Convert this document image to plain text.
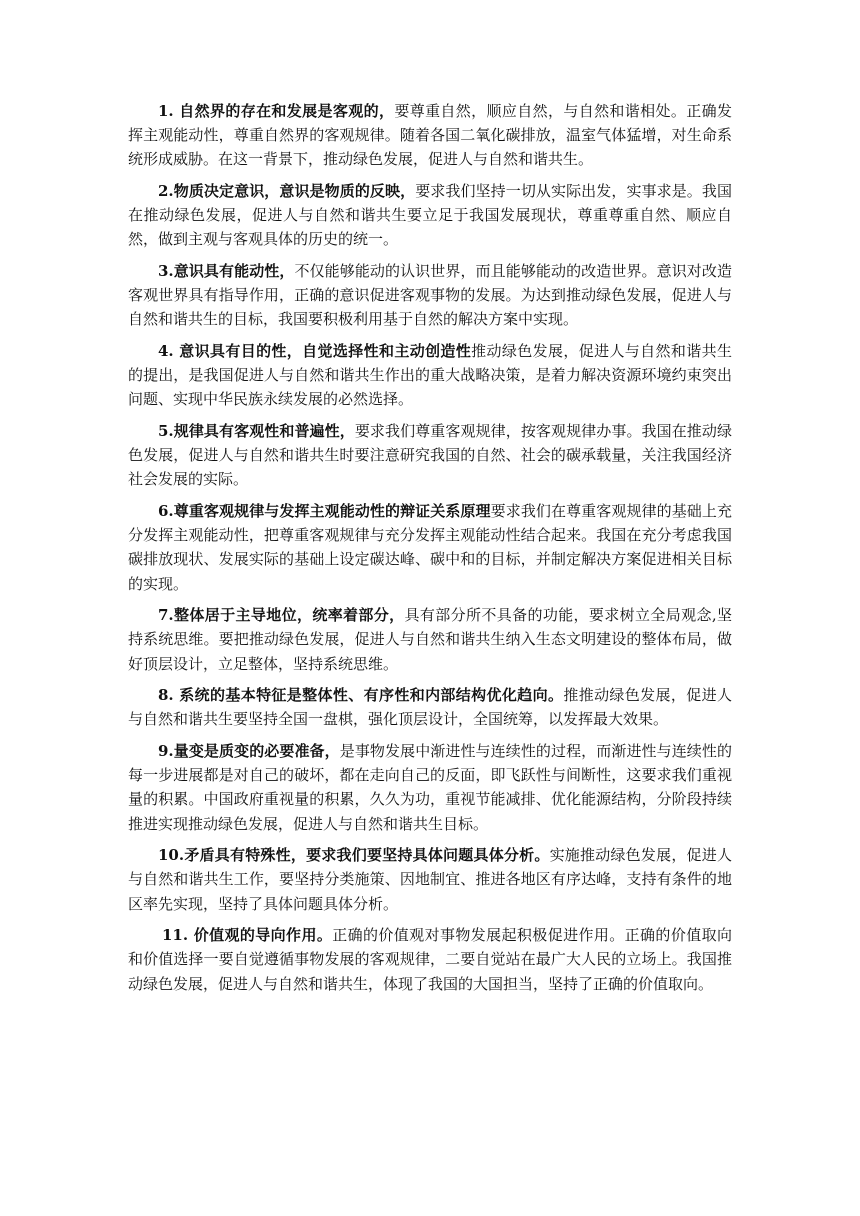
1. 自然界的存在和发展是客观的，要尊重自然，顺应自然，与自然和谐相处。正确发挥主观能动性，尊重自然界的客观规律。随着各国二氧化碳排放，温室气体猛增，对生命系统形成威胁。在这一背景下，推动绿色发展，促进人与自然和谐共生。

2.物质决定意识，意识是物质的反映，要求我们坚持一切从实际出发，实事求是。我国在推动绿色发展，促进人与自然和谐共生要立足于我国发展现状，尊重尊重自然、顺应自然，做到主观与客观具体的历史的统一。

3.意识具有能动性，不仅能够能动的认识世界，而且能够能动的改造世界。意识对改造客观世界具有指导作用，正确的意识促进客观事物的发展。为达到推动绿色发展，促进人与自然和谐共生的目标，我国要积极利用基于自然的解决方案中实现。

4. 意识具有目的性，自觉选择性和主动创造性推动绿色发展，促进人与自然和谐共生的提出，是我国促进人与自然和谐共生作出的重大战略决策，是着力解决资源环境约束突出问题、实现中华民族永续发展的必然选择。

5.规律具有客观性和普遍性，要求我们尊重客观规律，按客观规律办事。我国在推动绿色发展，促进人与自然和谐共生时要注意研究我国的自然、社会的碳承载量，关注我国经济社会发展的实际。

6.尊重客观规律与发挥主观能动性的辩证关系原理要求我们在尊重客观规律的基础上充分发挥主观能动性，把尊重客观规律与充分发挥主观能动性结合起来。我国在充分考虑我国碳排放现状、发展实际的基础上设定碳达峰、碳中和的目标，并制定解决方案促进相关目标的实现。

7.整体居于主导地位，统率着部分，具有部分所不具备的功能，要求树立全局观念,坚持系统思维。要把推动绿色发展，促进人与自然和谐共生纳入生态文明建设的整体布局，做好顶层设计，立足整体，坚持系统思维。

8. 系统的基本特征是整体性、有序性和内部结构优化趋向。推推动绿色发展，促进人与自然和谐共生要坚持全国一盘棋，强化顶层设计，全国统筹，以发挥最大效果。

9.量变是质变的必要准备，是事物发展中渐进性与连续性的过程，而渐进性与连续性的每一步进展都是对自己的破坏，都在走向自己的反面，即飞跃性与间断性，这要求我们重视量的积累。中国政府重视量的积累，久久为功，重视节能减排、优化能源结构，分阶段持续推进实现推动绿色发展，促进人与自然和谐共生目标。

10.矛盾具有特殊性，要求我们要坚持具体问题具体分析。实施推动绿色发展，促进人与自然和谐共生工作，要坚持分类施策、因地制宜、推进各地区有序达峰，支持有条件的地区率先实现，坚持了具体问题具体分析。

11. 价值观的导向作用。正确的价值观对事物发展起积极促进作用。正确的价值取向和价值选择一要自觉遵循事物发展的客观规律，二要自觉站在最广大人民的立场上。我国推动绿色发展，促进人与自然和谐共生，体现了我国的大国担当，坚持了正确的价值取向。
